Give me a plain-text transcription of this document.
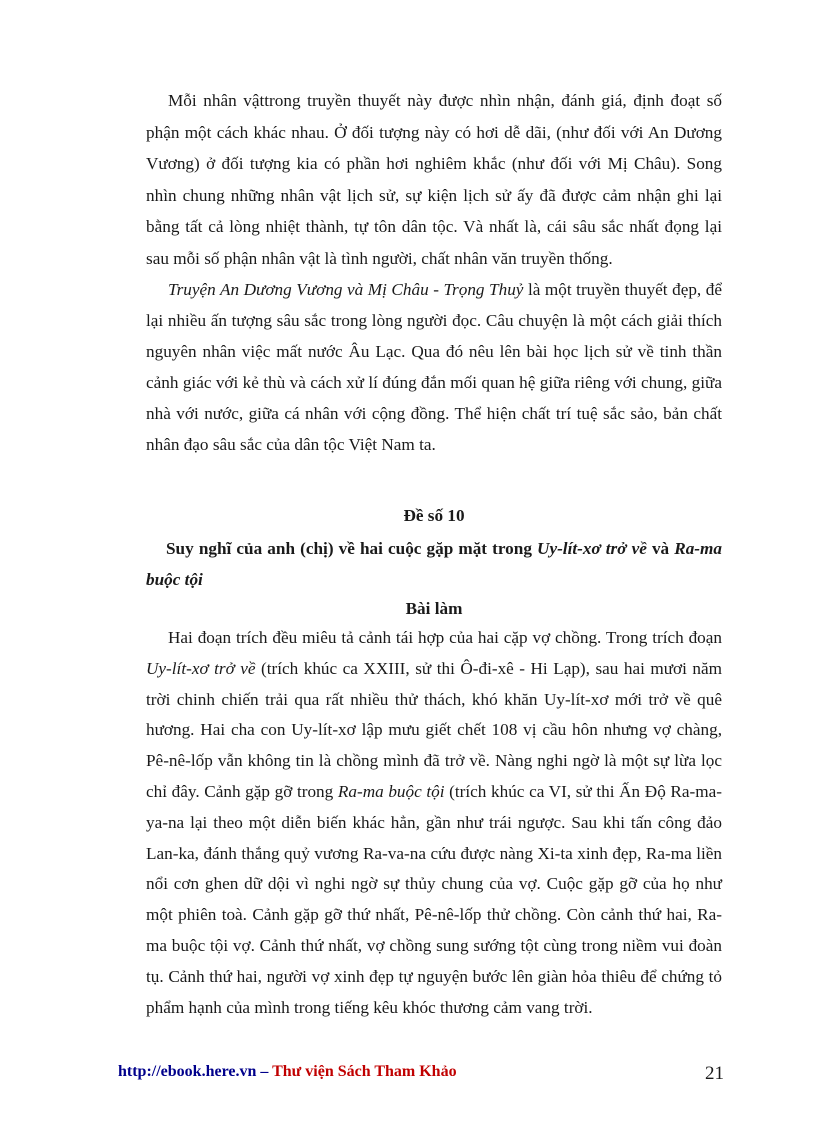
Mỗi nhân vậttrong truyền thuyết này được nhìn nhận, đánh giá, định đoạt số phận một cách khác nhau. Ở đối tượng này có hơi dễ dãi, (như đối với An Dương Vương) ở đối tượng kia có phần hơi nghiêm khắc (như đối với Mị Châu). Song nhìn chung những nhân vật lịch sử, sự kiện lịch sử ấy đã được cảm nhận ghi lại bằng tất cả lòng nhiệt thành, tự tôn dân tộc. Và nhất là, cái sâu sắc nhất đọng lại sau mỗi số phận nhân vật là tình người, chất nhân văn truyền thống.

Truyện An Dương Vương và Mị Châu - Trọng Thuỷ là một truyền thuyết đẹp, để lại nhiều ấn tượng sâu sắc trong lòng người đọc. Câu chuyện là một cách giải thích nguyên nhân việc mất nước Âu Lạc. Qua đó nêu lên bài học lịch sử về tinh thần cảnh giác với kẻ thù và cách xử lí đúng đắn mối quan hệ giữa riêng với chung, giữa nhà với nước, giữa cá nhân với cộng đồng. Thể hiện chất trí tuệ sắc sảo, bản chất nhân đạo sâu sắc của dân tộc Việt Nam ta.

Đề số 10

Suy nghĩ của anh (chị) về hai cuộc gặp mặt trong Uy-lít-xơ trở về và Ra-ma buộc tội

Bài làm

Hai đoạn trích đều miêu tả cảnh tái hợp của hai cặp vợ chồng. Trong trích đoạn Uy-lít-xơ trở về (trích khúc ca XXIII, sử thi Ô-đi-xê - Hi Lạp), sau hai mươi năm trời chinh chiến trải qua rất nhiều thử thách, khó khăn Uy-lít-xơ mới trở về quê hương. Hai cha con Uy-lít-xơ lập mưu giết chết 108 vị cầu hôn nhưng vợ chàng, Pê-nê-lốp vẫn không tin là chồng mình đã trở về. Nàng nghi ngờ là một sự lừa lọc chỉ đây. Cảnh gặp gỡ trong Ra-ma buộc tội (trích khúc ca VI, sử thi Ấn Độ Ra-ma-ya-na lại theo một diễn biến khác hẳn, gần như trái ngược. Sau khi tấn công đảo Lan-ka, đánh thắng quỷ vương Ra-va-na cứu được nàng Xi-ta xinh đẹp, Ra-ma liền nổi cơn ghen dữ dội vì nghi ngờ sự thủy chung của vợ. Cuộc gặp gỡ của họ như một phiên toà. Cảnh gặp gỡ thứ nhất, Pê-nê-lốp thử chồng. Còn cảnh thứ hai, Ra-ma buộc tội vợ. Cảnh thứ nhất, vợ chồng sung sướng tột cùng trong niềm vui đoàn tụ. Cảnh thứ hai, người vợ xinh đẹp tự nguyện bước lên giàn hỏa thiêu để chứng tỏ phẩm hạnh của mình trong tiếng kêu khóc thương cảm vang trời.

http://ebook.here.vn – Thư viện Sách Tham Khảo	21
